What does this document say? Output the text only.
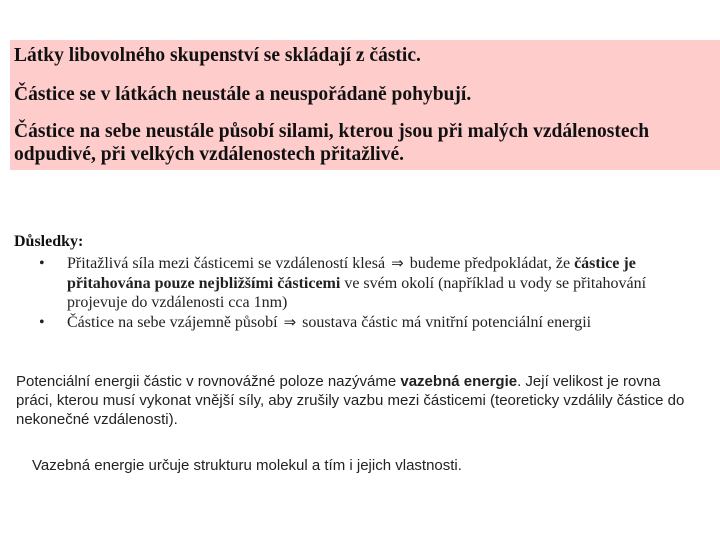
Látky libovolného skupenství se skládají z částic.

Částice se v látkách neustále a neuspořádaně pohybují.

Částice na sebe neustále působí silami, kterou jsou při malých vzdálenostech odpudivé, při velkých vzdálenostech přitažlivé.

Důsledky:

• Přitažlivá síla mezi částicemi se vzdáleností klesá ⇒ budeme předpokládat, že částice je přitahována pouze nejbližšími částicemi ve svém okolí (například u vody se přitahování projevuje do vzdálenosti cca 1nm)
• Částice na sebe vzájemně působí ⇒ soustava částic má vnitřní potenciální energii

Potenciální energii částic v rovnovážné poloze nazýváme vazebná energie. Její velikost je rovna práci, kterou musí vykonat vnější síly, aby zrušily vazbu mezi částicemi (teoreticky vzdálily částice do nekonečné vzdálenosti).

Vazebná energie určuje strukturu molekul a tím i jejich vlastnosti.
